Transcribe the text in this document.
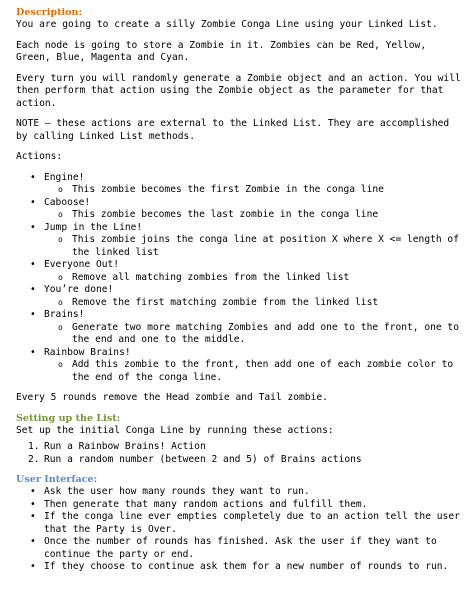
Description:

You are going to create a silly Zombie Conga Line using your Linked List.

Each node is going to store a Zombie in it. Zombies can be Red, Yellow, Green, Blue, Magenta and Cyan.

Every turn you will randomly generate a Zombie object and an action. You will then perform that action using the Zombie object as the parameter for that action.

NOTE – these actions are external to the Linked List. They are accomplished by calling Linked List methods.

Actions:

• Engine!
o This zombie becomes the first Zombie in the conga line
• Caboose!
o This zombie becomes the last zombie in the conga line
• Jump in the Line!
o This zombie joins the conga line at position X where X <= length of the linked list
• Everyone Out!
o Remove all matching zombies from the linked list
• You’re done!
o Remove the first matching zombie from the linked list
• Brains!
o Generate two more matching Zombies and add one to the front, one to the end and one to the middle.
• Rainbow Brains!
o Add this zombie to the front, then add one of each zombie color to the end of the conga line.

Every 5 rounds remove the Head zombie and Tail zombie.

Setting up the List:

Set up the initial Conga Line by running these actions:

1. Run a Rainbow Brains! Action
2. Run a random number (between 2 and 5) of Brains actions
User Interface:
• Ask the user how many rounds they want to run.
• Then generate that many random actions and fulfill them.
• If the conga line ever empties completely due to an action tell the user that the Party is Over.
• Once the number of rounds has finished. Ask the user if they want to continue the party or end.
• If they choose to continue ask them for a new number of rounds to run.
